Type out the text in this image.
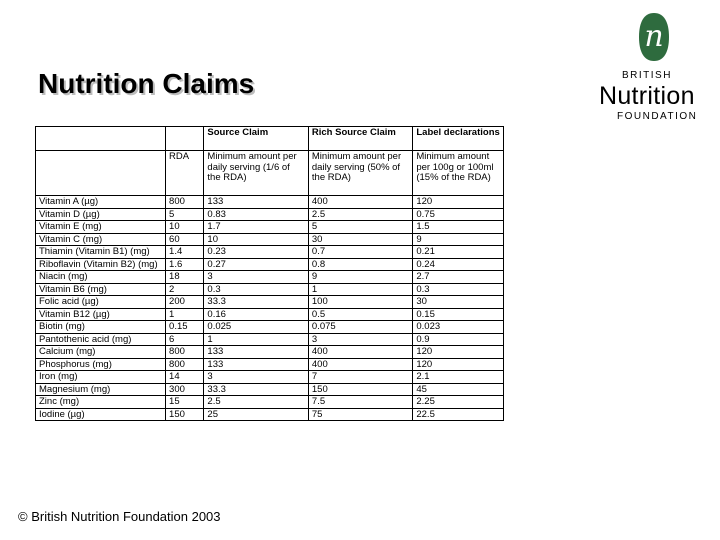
Nutrition Claims
n
BRITISH
Nutrition
FOUNDATION
		Source Claim	Rich Source Claim	Label declarations
	RDA	Minimum amount per daily serving (1/6 of the RDA)	Minimum amount per daily serving (50% of the RDA)	Minimum amount per 100g or 100ml (15% of the RDA)
Vitamin A (µg)	800	133	400	120
Vitamin D (µg)	5	0.83	2.5	0.75
Vitamin E (mg)	10	1.7	5	1.5
Vitamin C (mg)	60	10	30	9
Thiamin (Vitamin B1) (mg)	1.4	0.23	0.7	0.21
Riboflavin (Vitamin B2) (mg)	1.6	0.27	0.8	0.24
Niacin (mg)	18	3	9	2.7
Vitamin B6 (mg)	2	0.3	1	0.3
Folic acid (µg)	200	33.3	100	30
Vitamin B12 (µg)	1	0.16	0.5	0.15
Biotin (mg)	0.15	0.025	0.075	0.023
Pantothenic acid (mg)	6	1	3	0.9
Calcium (mg)	800	133	400	120
Phosphorus (mg)	800	133	400	120
Iron (mg)	14	3	7	2.1
Magnesium (mg)	300	33.3	150	45
Zinc (mg)	15	2.5	7.5	2.25
Iodine (µg)	150	25	75	22.5
© British Nutrition Foundation 2003
